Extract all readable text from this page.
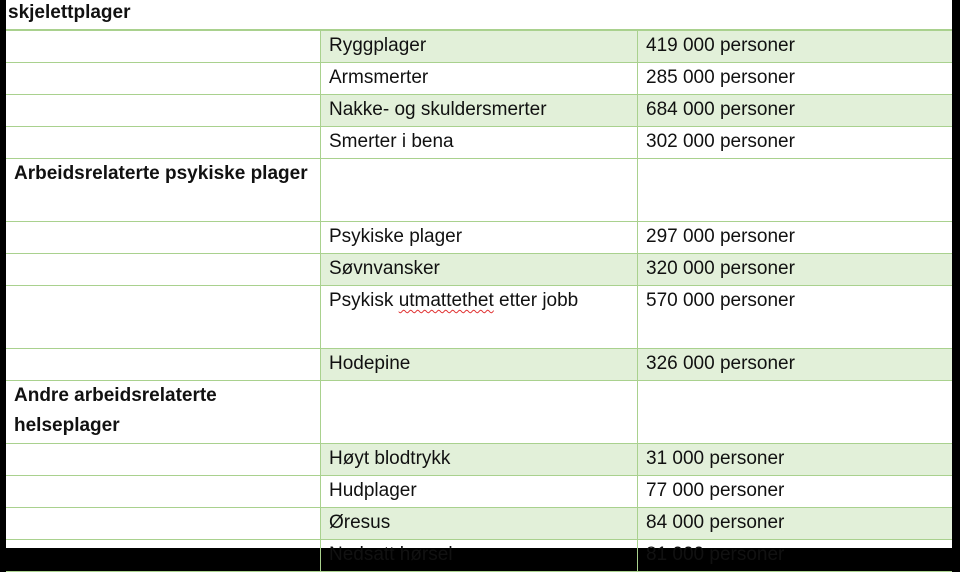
skjelettplager
	Ryggplager	419 000 personer
	Armsmerter	285 000 personer
	Nakke- og skuldersmerter	684 000 personer
	Smerter i bena	302 000 personer
Arbeidsrelaterte psykiske plager		
	Psykiske plager	297 000 personer
	Søvnvansker	320 000 personer
	Psykisk utmattethet etter jobb	570 000 personer
	Hodepine	326 000 personer
Andre arbeidsrelaterte helseplager		
	Høyt blodtrykk	31 000 personer
	Hudplager	77 000 personer
	Øresus	84 000 personer
	Nedsatt hørsel	81 000 personer
